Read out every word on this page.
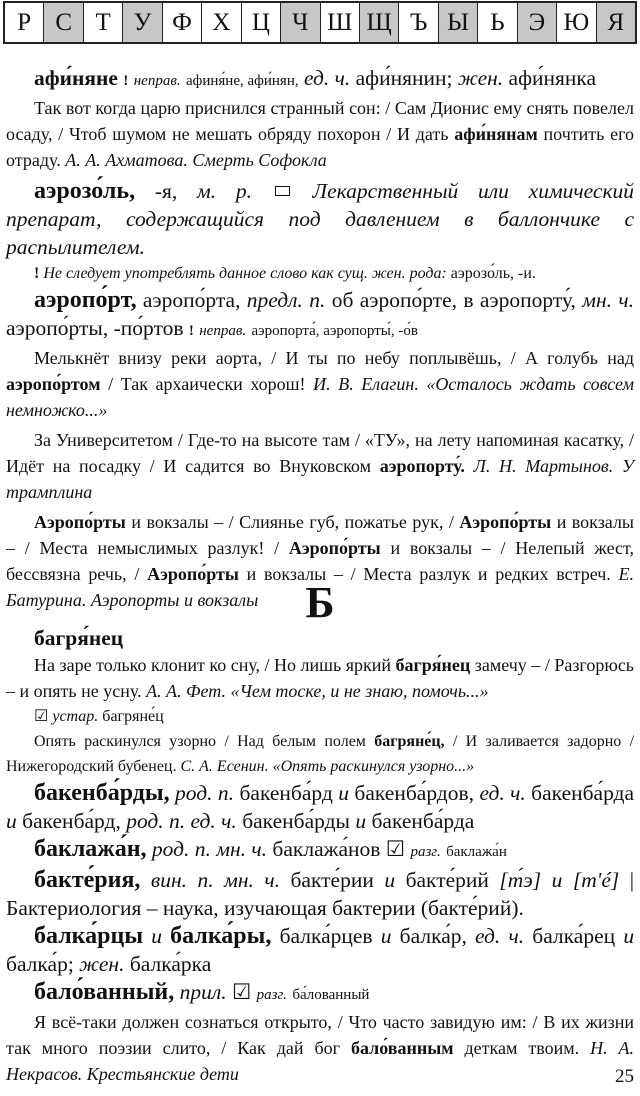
Р С Т У Ф Х Ц Ч Ш Щ Ъ Ы Ь Э Ю Я

афи́няне ! неправ. афиня́не, афи́нян, ед. ч. афи́нянин; жен. афи́нянка

Так вот когда царю приснился странный сон: / Сам Дионис ему снять повелел осаду, / Чтоб шумом не мешать обряду похорон / И дать афи́нянам почтить его отраду. А. А. Ахматова. Смерть Софокла

аэрозо́ль, -я, м. р.	Лекарственный или химический препарат, содержащийся под давлением в баллончике с распылителем.

! Не следует употреблять данное слово как сущ. жен. рода: аэрозо́ль, -и.

аэропо́рт, аэропо́рта, предл. п. об аэропо́рте, в аэропорту́, мн. ч. аэропо́рты, -по́ртов ! неправ. аэропорта́, аэропорты́, -о́в

Мелькнёт внизу реки аорта, / И ты по небу поплывёшь, / А голубь над аэропо́ртом / Так архаически хорош! И. В. Елагин. «Осталось ждать совсем немножко...»

За Университетом / Где-то на высоте там / «ТУ», на лету напоминая касатку, / Идёт на посадку / И садится во Внуковском аэропорту́. Л. Н. Мартынов. У трамплина

Аэропо́рты и вокзалы – / Слиянье губ, пожатье рук, / Аэропо́рты и вокзалы – / Места немыслимых разлук! / Аэропо́рты и вокзалы – / Нелепый жест, бессвязна речь, / Аэропо́рты и вокзалы – / Места разлук и редких встреч. Е. Батурина. Аэропорты и вокзалы	Б

багря́нец

На заре только клонит ко сну, / Но лишь яркий багря́нец замечу – / Разгорюсь – и опять не усну. А. А. Фет. «Чем тоске, и не знаю, помочь...»

☑ устар. багряне́ц

Опять раскинулся узорно / Над белым полем багряне́ц, / И заливается задорно / Нижегородский бубенец. С. А. Есенин. «Опять раскинулся узорно...»

бакенба́рды, род. п. бакенба́рд и бакенба́рдов, ед. ч. бакенба́рда и бакенба́рд, род. п. ед. ч. бакенба́рды и бакенба́рда

баклажа́н, род. п. мн. ч. баклажа́нов ☑ разг. баклажа́н

бакте́рия, вин. п. мн. ч. бакте́рии и бакте́рий [т́э] и [т'é] | Бактериология – наука, изучающая бактерии (бакте́рий).

балка́рцы и балка́ры, балка́рцев и балка́р, ед. ч. балка́рец и балка́р; жен. балка́рка

бало́ванный, прил. ☑ разг. ба́лованный

Я всё-таки должен сознаться открыто, / Что часто завидую им: / В их жизни так много поэзии слито, / Как дай бог бало́ванным деткам твоим. Н. А. Некрасов. Крестьянские дети	25
